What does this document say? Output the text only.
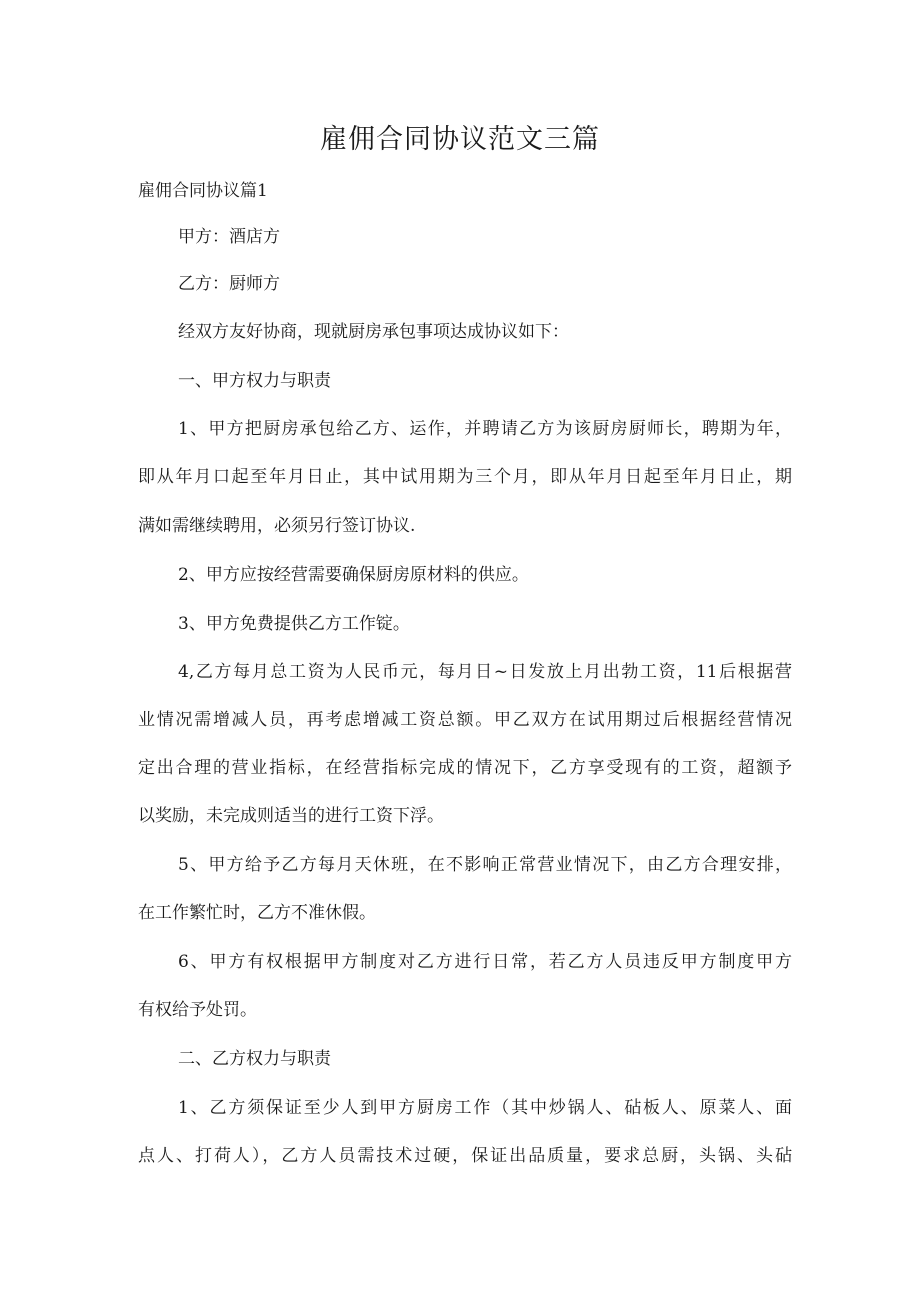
雇佣合同协议范文三篇

雇佣合同协议篇1

甲方：酒店方

乙方：厨师方

经双方友好协商，现就厨房承包事项达成协议如下：

一、甲方权力与职责

1、甲方把厨房承包给乙方、运作，并聘请乙方为该厨房厨师长，聘期为年，

即从年月口起至年月日止，其中试用期为三个月，即从年月日起至年月日止，期

满如需继续聘用，必须另行签订协议.

2、甲方应按经营需要确保厨房原材料的供应。

3、甲方免费提供乙方工作锭。

4,乙方每月总工资为人民币元，每月日~日发放上月出勃工资，11后根据营

业情况需增减人员，再考虑增减工资总额。甲乙双方在试用期过后根据经营情况

定出合理的营业指标，在经营指标完成的情况下，乙方享受现有的工资，超额予

以奖励，未完成则适当的进行工资下浮。

5、甲方给予乙方每月天休班，在不影响正常营业情况下，由乙方合理安排，

在工作繁忙时，乙方不准休假。

6、甲方有权根据甲方制度对乙方进行日常，若乙方人员违反甲方制度甲方

有权给予处罚。

二、乙方权力与职责

1、乙方须保证至少人到甲方厨房工作（其中炒锅人、砧板人、原菜人、面

点人、打荷人），乙方人员需技术过硬，保证出品质量，要求总厨，头锅、头砧
